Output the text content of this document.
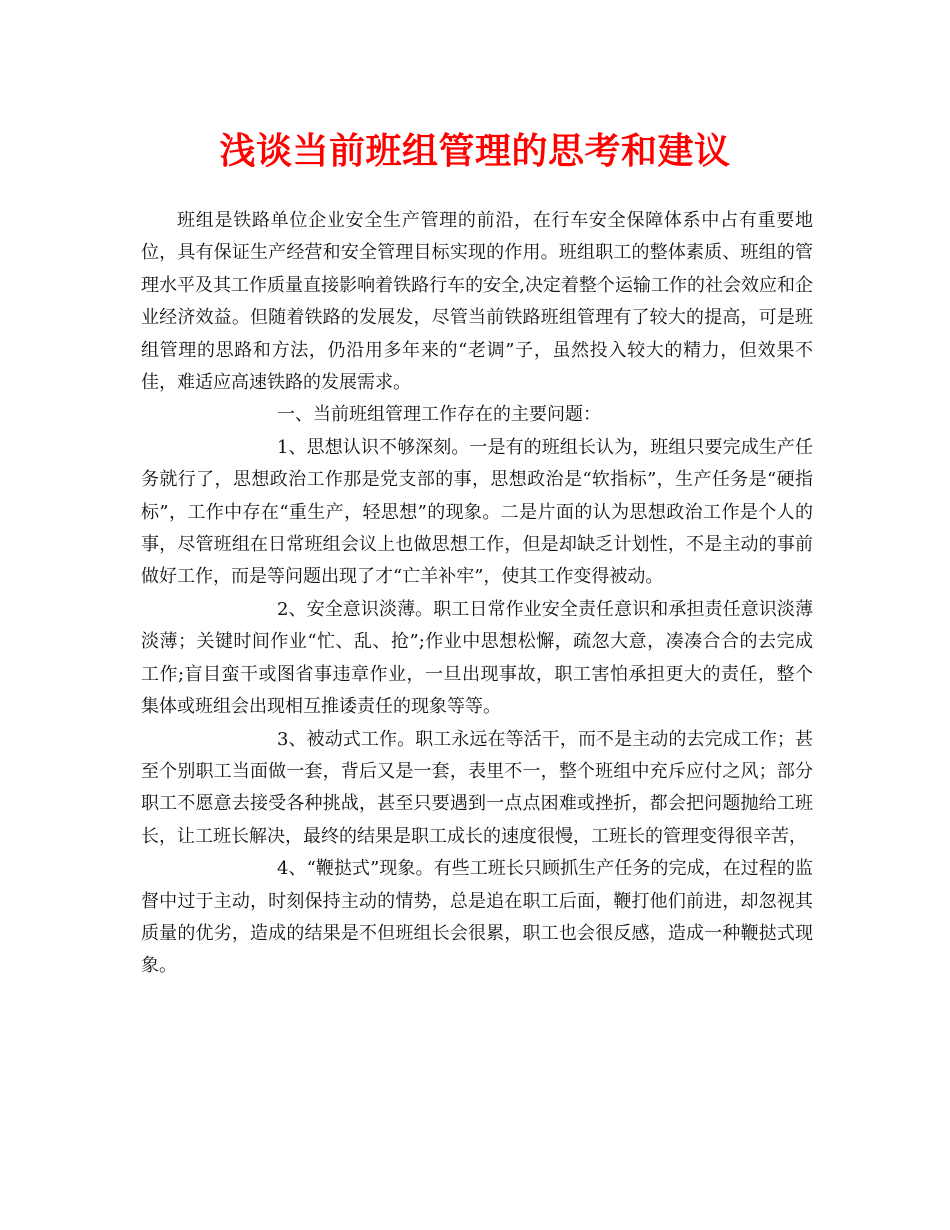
浅谈当前班组管理的思考和建议

班组是铁路单位企业安全生产管理的前沿，在行车安全保障体系中占有重要地位，具有保证生产经营和安全管理目标实现的作用。班组职工的整体素质、班组的管理水平及其工作质量直接影响着铁路行车的安全,决定着整个运输工作的社会效应和企业经济效益。但随着铁路的发展发，尽管当前铁路班组管理有了较大的提高，可是班组管理的思路和方法，仍沿用多年来的“老调”子，虽然投入较大的精力，但效果不佳，难适应高速铁路的发展需求。

一、当前班组管理工作存在的主要问题：

1、思想认识不够深刻。一是有的班组长认为，班组只要完成生产任务就行了，思想政治工作那是党支部的事，思想政治是“软指标”，生产任务是“硬指标”，工作中存在“重生产，轻思想”的现象。二是片面的认为思想政治工作是个人的事，尽管班组在日常班组会议上也做思想工作，但是却缺乏计划性，不是主动的事前做好工作，而是等问题出现了才“亡羊补牢”，使其工作变得被动。

2、安全意识淡薄。职工日常作业安全责任意识和承担责任意识淡薄淡薄；关键时间作业“忙、乱、抢”;作业中思想松懈，疏忽大意，凑凑合合的去完成工作;盲目蛮干或图省事违章作业，一旦出现事故，职工害怕承担更大的责任，整个集体或班组会出现相互推诿责任的现象等等。

3、被动式工作。职工永远在等活干，而不是主动的去完成工作；甚至个别职工当面做一套，背后又是一套，表里不一，整个班组中充斥应付之风；部分职工不愿意去接受各种挑战，甚至只要遇到一点点困难或挫折，都会把问题抛给工班长，让工班长解决，最终的结果是职工成长的速度很慢，工班长的管理变得很辛苦，

4、“鞭挞式”现象。有些工班长只顾抓生产任务的完成，在过程的监督中过于主动，时刻保持主动的情势，总是追在职工后面，鞭打他们前进，却忽视其质量的优劣，造成的结果是不但班组长会很累，职工也会很反感，造成一种鞭挞式现象。
